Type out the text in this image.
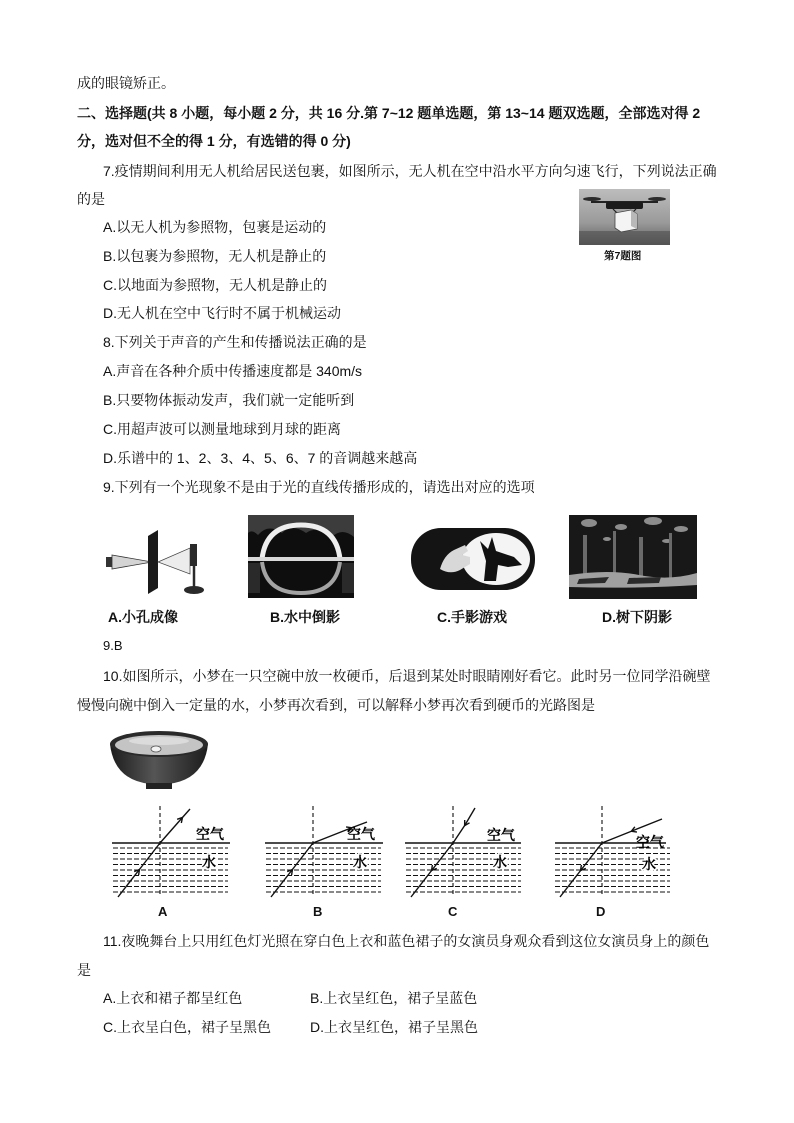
成的眼镜矫正。
二、选择题(共 8 小题，每小题 2 分，共 16 分.第 7~12 题单选题，第 13~14 题双选题，全部选对得 2
分，选对但不全的得 1 分，有选错的得 0 分)
7.疫情期间利用无人机给居民送包裹，如图所示，无人机在空中沿水平方向匀速飞行，下列说法正确
的是
A.以无人机为参照物，包裹是运动的
B.以包裹为参照物，无人机是静止的
C.以地面为参照物，无人机是静止的
D.无人机在空中飞行时不属于机械运动
第7题图
8.下列关于声音的产生和传播说法正确的是
A.声音在各种介质中传播速度都是 340m/s
B.只要物体振动发声，我们就一定能听到
C.用超声波可以测量地球到月球的距离
D.乐谱中的 1、2、3、4、5、6、7 的音调越来越高
9.下列有一个光现象不是由于光的直线传播形成的，请选出对应的选项
A.小孔成像	B.水中倒影	C.手影游戏	D.树下阴影
9.B
10.如图所示，小梦在一只空碗中放一枚硬币，后退到某处时眼睛刚好看它。此时另一位同学沿碗壁
慢慢向碗中倒入一定量的水，小梦再次看到，可以解释小梦再次看到硬币的光路图是
空气
水
空气
水
空气
水
空气
水
A	B	C	D
11.夜晚舞台上只用红色灯光照在穿白色上衣和蓝色裙子的女演员身观众看到这位女演员身上的颜色
是
A.上衣和裙子都呈红色	B.上衣呈红色，裙子呈蓝色
C.上衣呈白色，裙子呈黑色	D.上衣呈红色，裙子呈黑色
